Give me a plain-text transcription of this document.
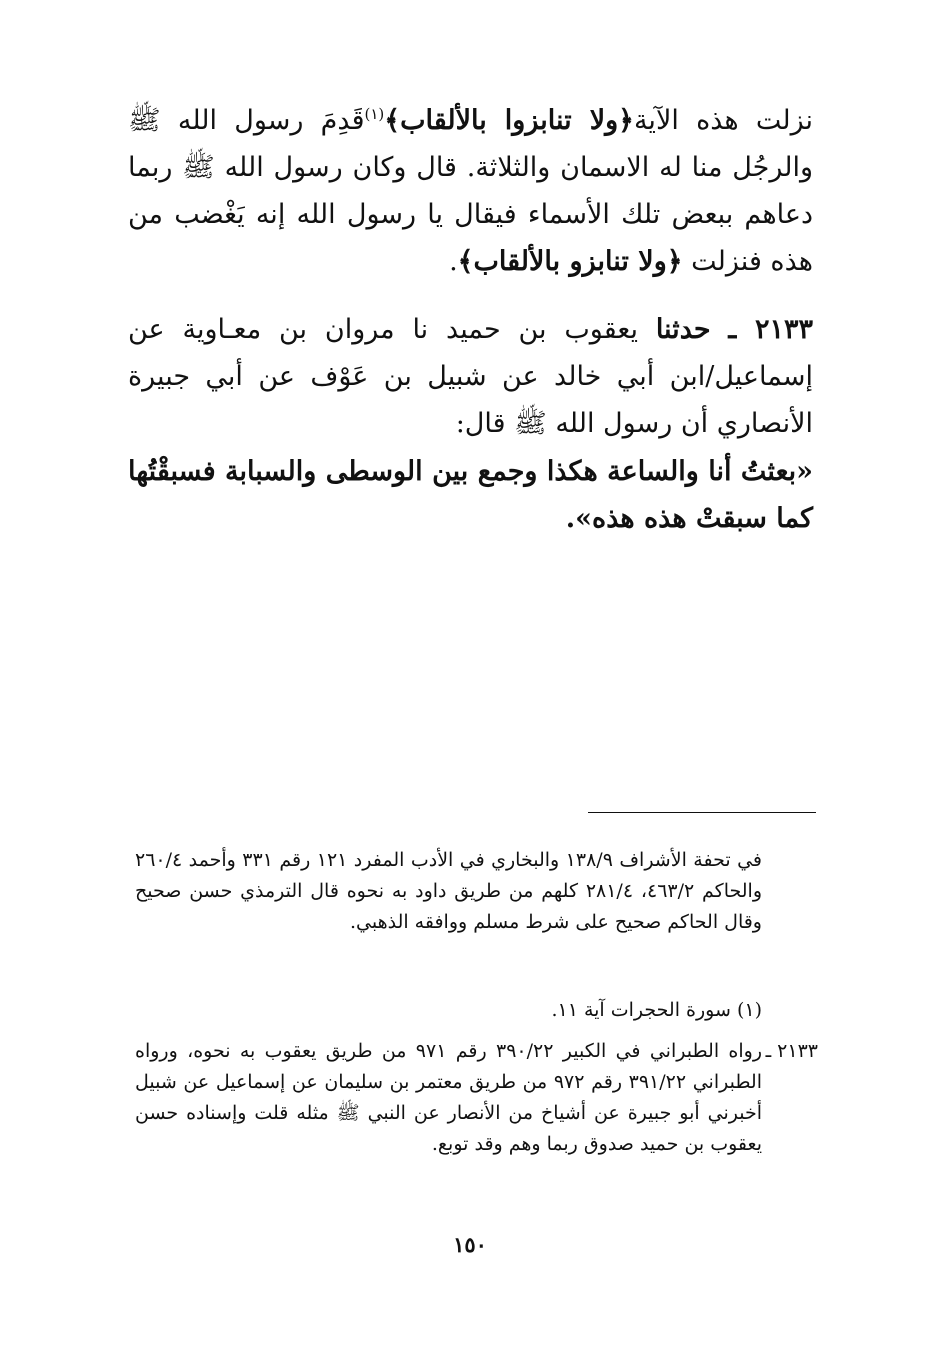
نزلت هذه الآية﴿ولا تنابزوا بالألقاب﴾$^{(١)}$قَدِمَ رسول الله ﷺ والرجُل منا له الاسمان والثلاثة. قال وكان رسول الله ﷺ ربما دعاهم ببعض تلك الأسماء فيقال يا رسول الله إنه يَغْضب من هذه فنزلت ﴿ولا تنابزو بالألقاب﴾.
٢١٣٣ ـ حدثنا يعقوب بن حميد نا مروان بن معـاوية عن إسماعيل/ابن أبي خالد عن شبيل بن عَوْف عن أبي جبيرة الأنصاري أن رسول الله ﷺ قال:
«بعثتُ أنا والساعة هكذا وجمع بين الوسطى والسبابة فسبقْتُها كما سبقتْ هذه هذه».
في تحفة الأشراف ١٣٨/٩ والبخاري في الأدب المفرد ١٢١ رقم ٣٣١ وأحمد ٢٦٠/٤ والحاكم ٤٦٣/٢، ٢٨١/٤ كلهم من طريق داود به نحوه قال الترمذي حسن صحيح وقال الحاكم صحيح على شرط مسلم ووافقه الذهبي.
(١) سورة الحجرات آية ١١.
٢١٣٣ ـ
رواه الطبراني في الكبير ٣٩٠/٢٢ رقم ٩٧١ من طريق يعقوب به نحوه، ورواه الطبراني ٣٩١/٢٢ رقم ٩٧٢ من طريق معتمر بن سليمان عن إسماعيل عن شبيل أخبرني أبو جبيرة عن أشياخ من الأنصار عن النبي ﷺ مثله قلت وإسناده حسن يعقوب بن حميد صدوق ربما وهم وقد توبع.
١٥٠
